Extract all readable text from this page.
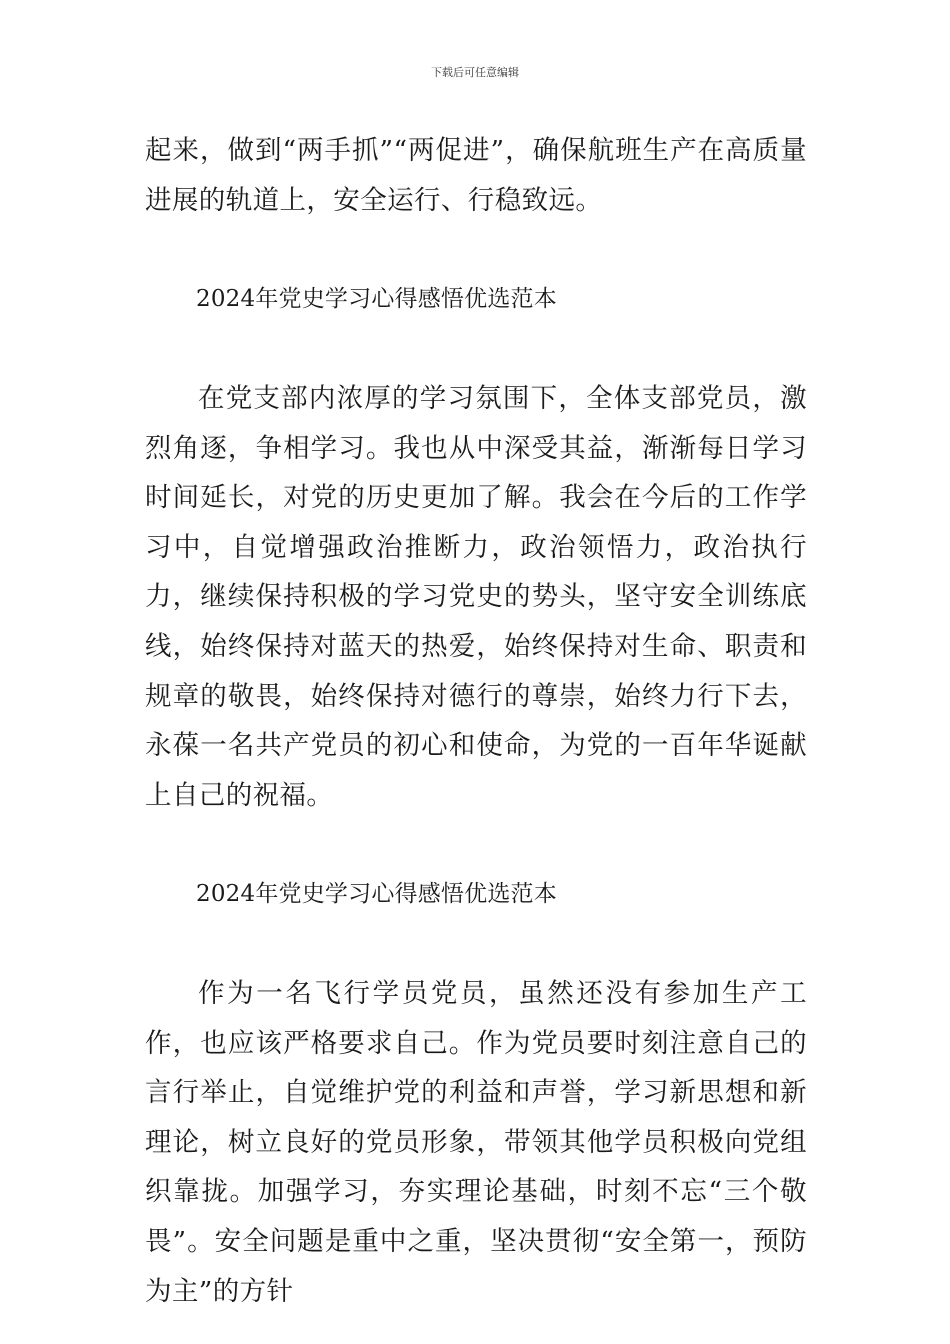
下载后可任意编辑

起来，做到“两手抓”“两促进”，确保航班生产在高质量进展的轨道上，安全运行、行稳致远。

2024年党史学习心得感悟优选范本

在党支部内浓厚的学习氛围下，全体支部党员，激烈角逐，争相学习。我也从中深受其益，渐渐每日学习时间延长，对党的历史更加了解。我会在今后的工作学习中，自觉增强政治推断力，政治领悟力，政治执行力，继续保持积极的学习党史的势头，坚守安全训练底线，始终保持对蓝天的热爱，始终保持对生命、职责和规章的敬畏，始终保持对德行的尊崇，始终力行下去，永葆一名共产党员的初心和使命，为党的一百年华诞献上自己的祝福。

2024年党史学习心得感悟优选范本

作为一名飞行学员党员，虽然还没有参加生产工作，也应该严格要求自己。作为党员要时刻注意自己的言行举止，自觉维护党的利益和声誉，学习新思想和新理论，树立良好的党员形象，带领其他学员积极向党组织靠拢。加强学习，夯实理论基础，时刻不忘“三个敬畏”。安全问题是重中之重，坚决贯彻“安全第一，预防为主”的方针
